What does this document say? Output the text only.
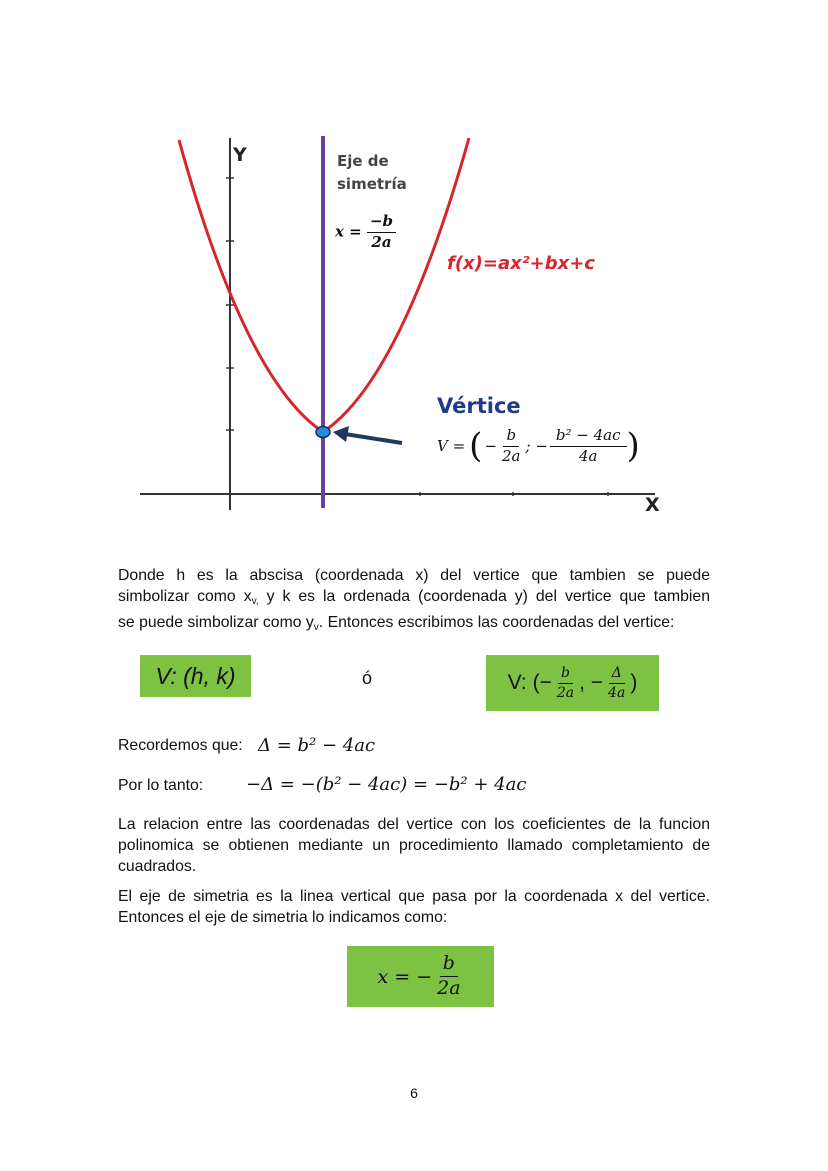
Y
X
Eje de
simetría
$x = \frac{-b}{2a}$
f(x)=ax²+bx+c
Vértice
V = ( − $\frac{b}{2a}$ ; − $\frac{\text{b² − 4ac}}{4a}$ )
Donde h es la abscisa (coordenada x) del vertice que tambien se puede
simbolizar como $x_{v,}$ y k es la ordenada (coordenada y) del vertice que tambien
se puede simbolizar como $y_v$. Entonces escribimos las coordenadas del vertice:
V: (h, k)	ó	V: (− $\frac{b}{2a}$ , − $\frac{\Delta}{4a}$ )
Recordemos que: Δ = b² − 4ac
Por lo tanto: −Δ = −(b² − 4ac) = −b² + 4ac
La relacion entre las coordenadas del vertice con los coeficientes de la funcion
polinomica se obtienen mediante un procedimiento llamado completamiento de
cuadrados.
El eje de simetria es la linea vertical que pasa por la coordenada x del vertice.
Entonces el eje de simetria lo indicamos como:
x = − $\frac{b}{2a}$
6
